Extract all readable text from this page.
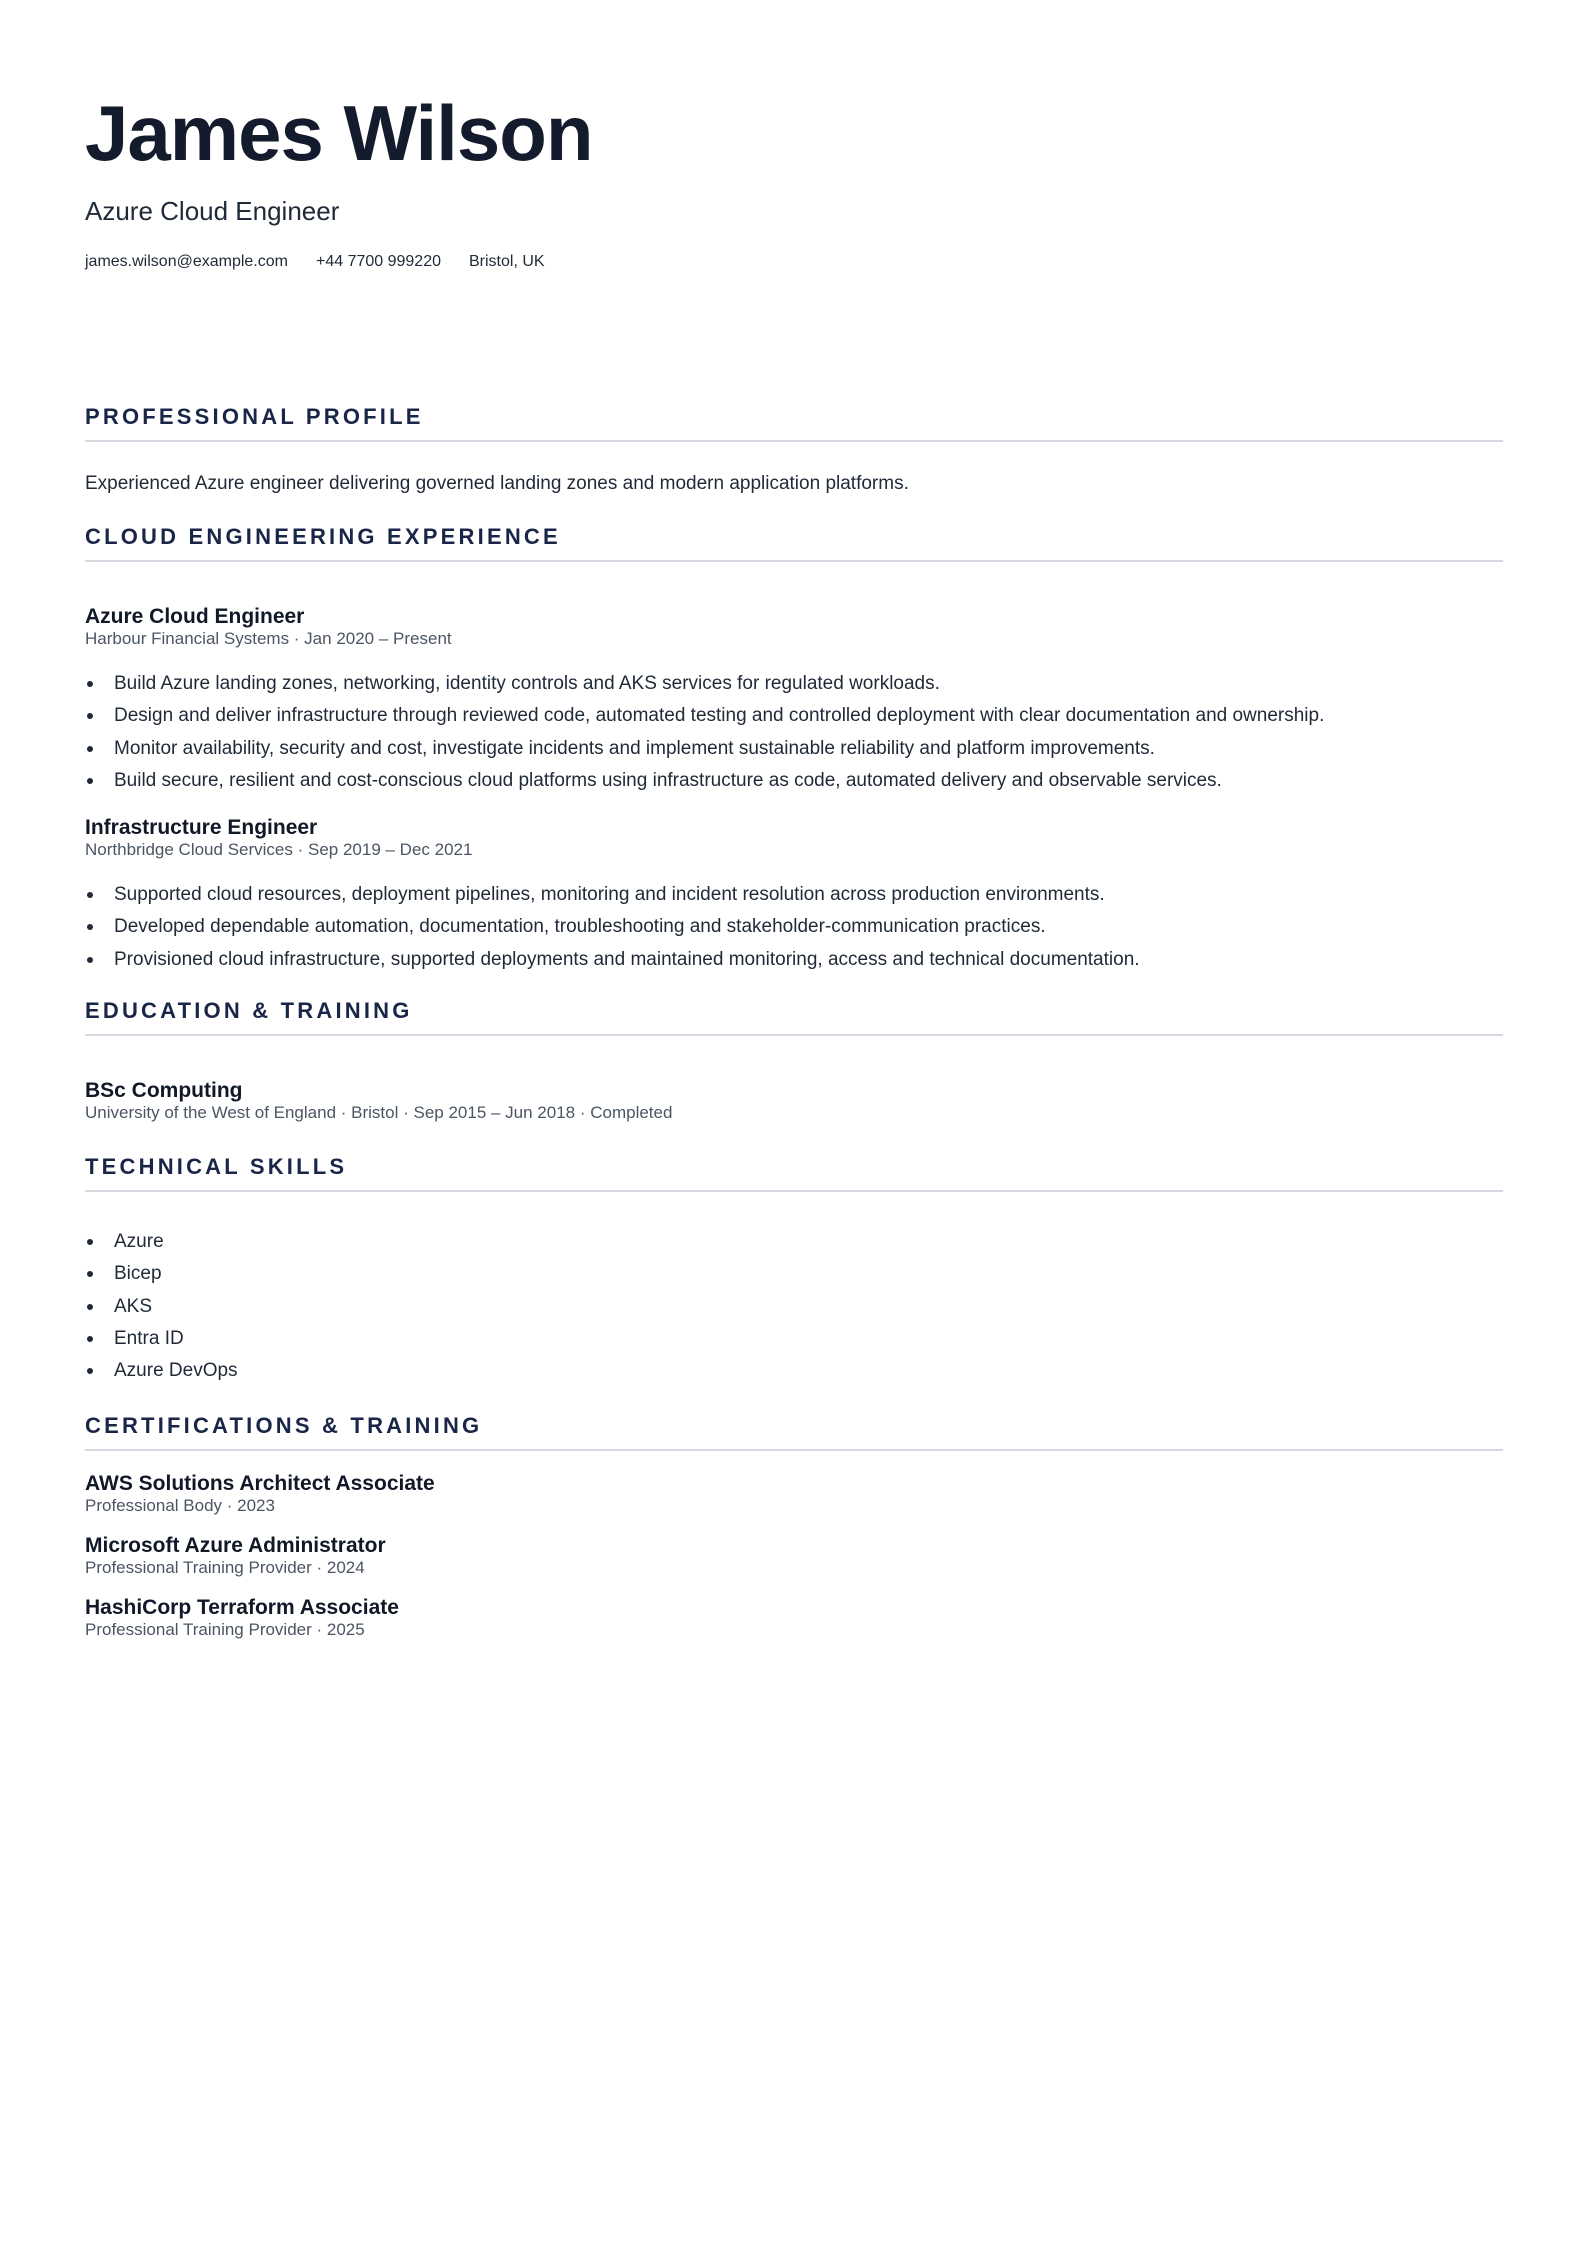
James Wilson

Azure Cloud Engineer

james.wilson@example.com +44 7700 999220 Bristol, UK
PROFESSIONAL PROFILE

Experienced Azure engineer delivering governed landing zones and modern application platforms.

CLOUD ENGINEERING EXPERIENCE

Azure Cloud Engineer

Harbour Financial Systems · Jan 2020 – Present

Build Azure landing zones, networking, identity controls and AKS services for regulated workloads.
Design and deliver infrastructure through reviewed code, automated testing and controlled deployment with clear documentation and ownership.
Monitor availability, security and cost, investigate incidents and implement sustainable reliability and platform improvements.
Build secure, resilient and cost-conscious cloud platforms using infrastructure as code, automated delivery and observable services.

Infrastructure Engineer

Northbridge Cloud Services · Sep 2019 – Dec 2021

Supported cloud resources, deployment pipelines, monitoring and incident resolution across production environments.
Developed dependable automation, documentation, troubleshooting and stakeholder-communication practices.
Provisioned cloud infrastructure, supported deployments and maintained monitoring, access and technical documentation.
EDUCATION & TRAINING

BSc Computing

University of the West of England · Bristol · Sep 2015 – Jun 2018 · Completed

TECHNICAL SKILLS
Azure
Bicep
AKS
Entra ID
Azure DevOps
CERTIFICATIONS & TRAINING

AWS Solutions Architect Associate

Professional Body · 2023

Microsoft Azure Administrator

Professional Training Provider · 2024

HashiCorp Terraform Associate

Professional Training Provider · 2025
